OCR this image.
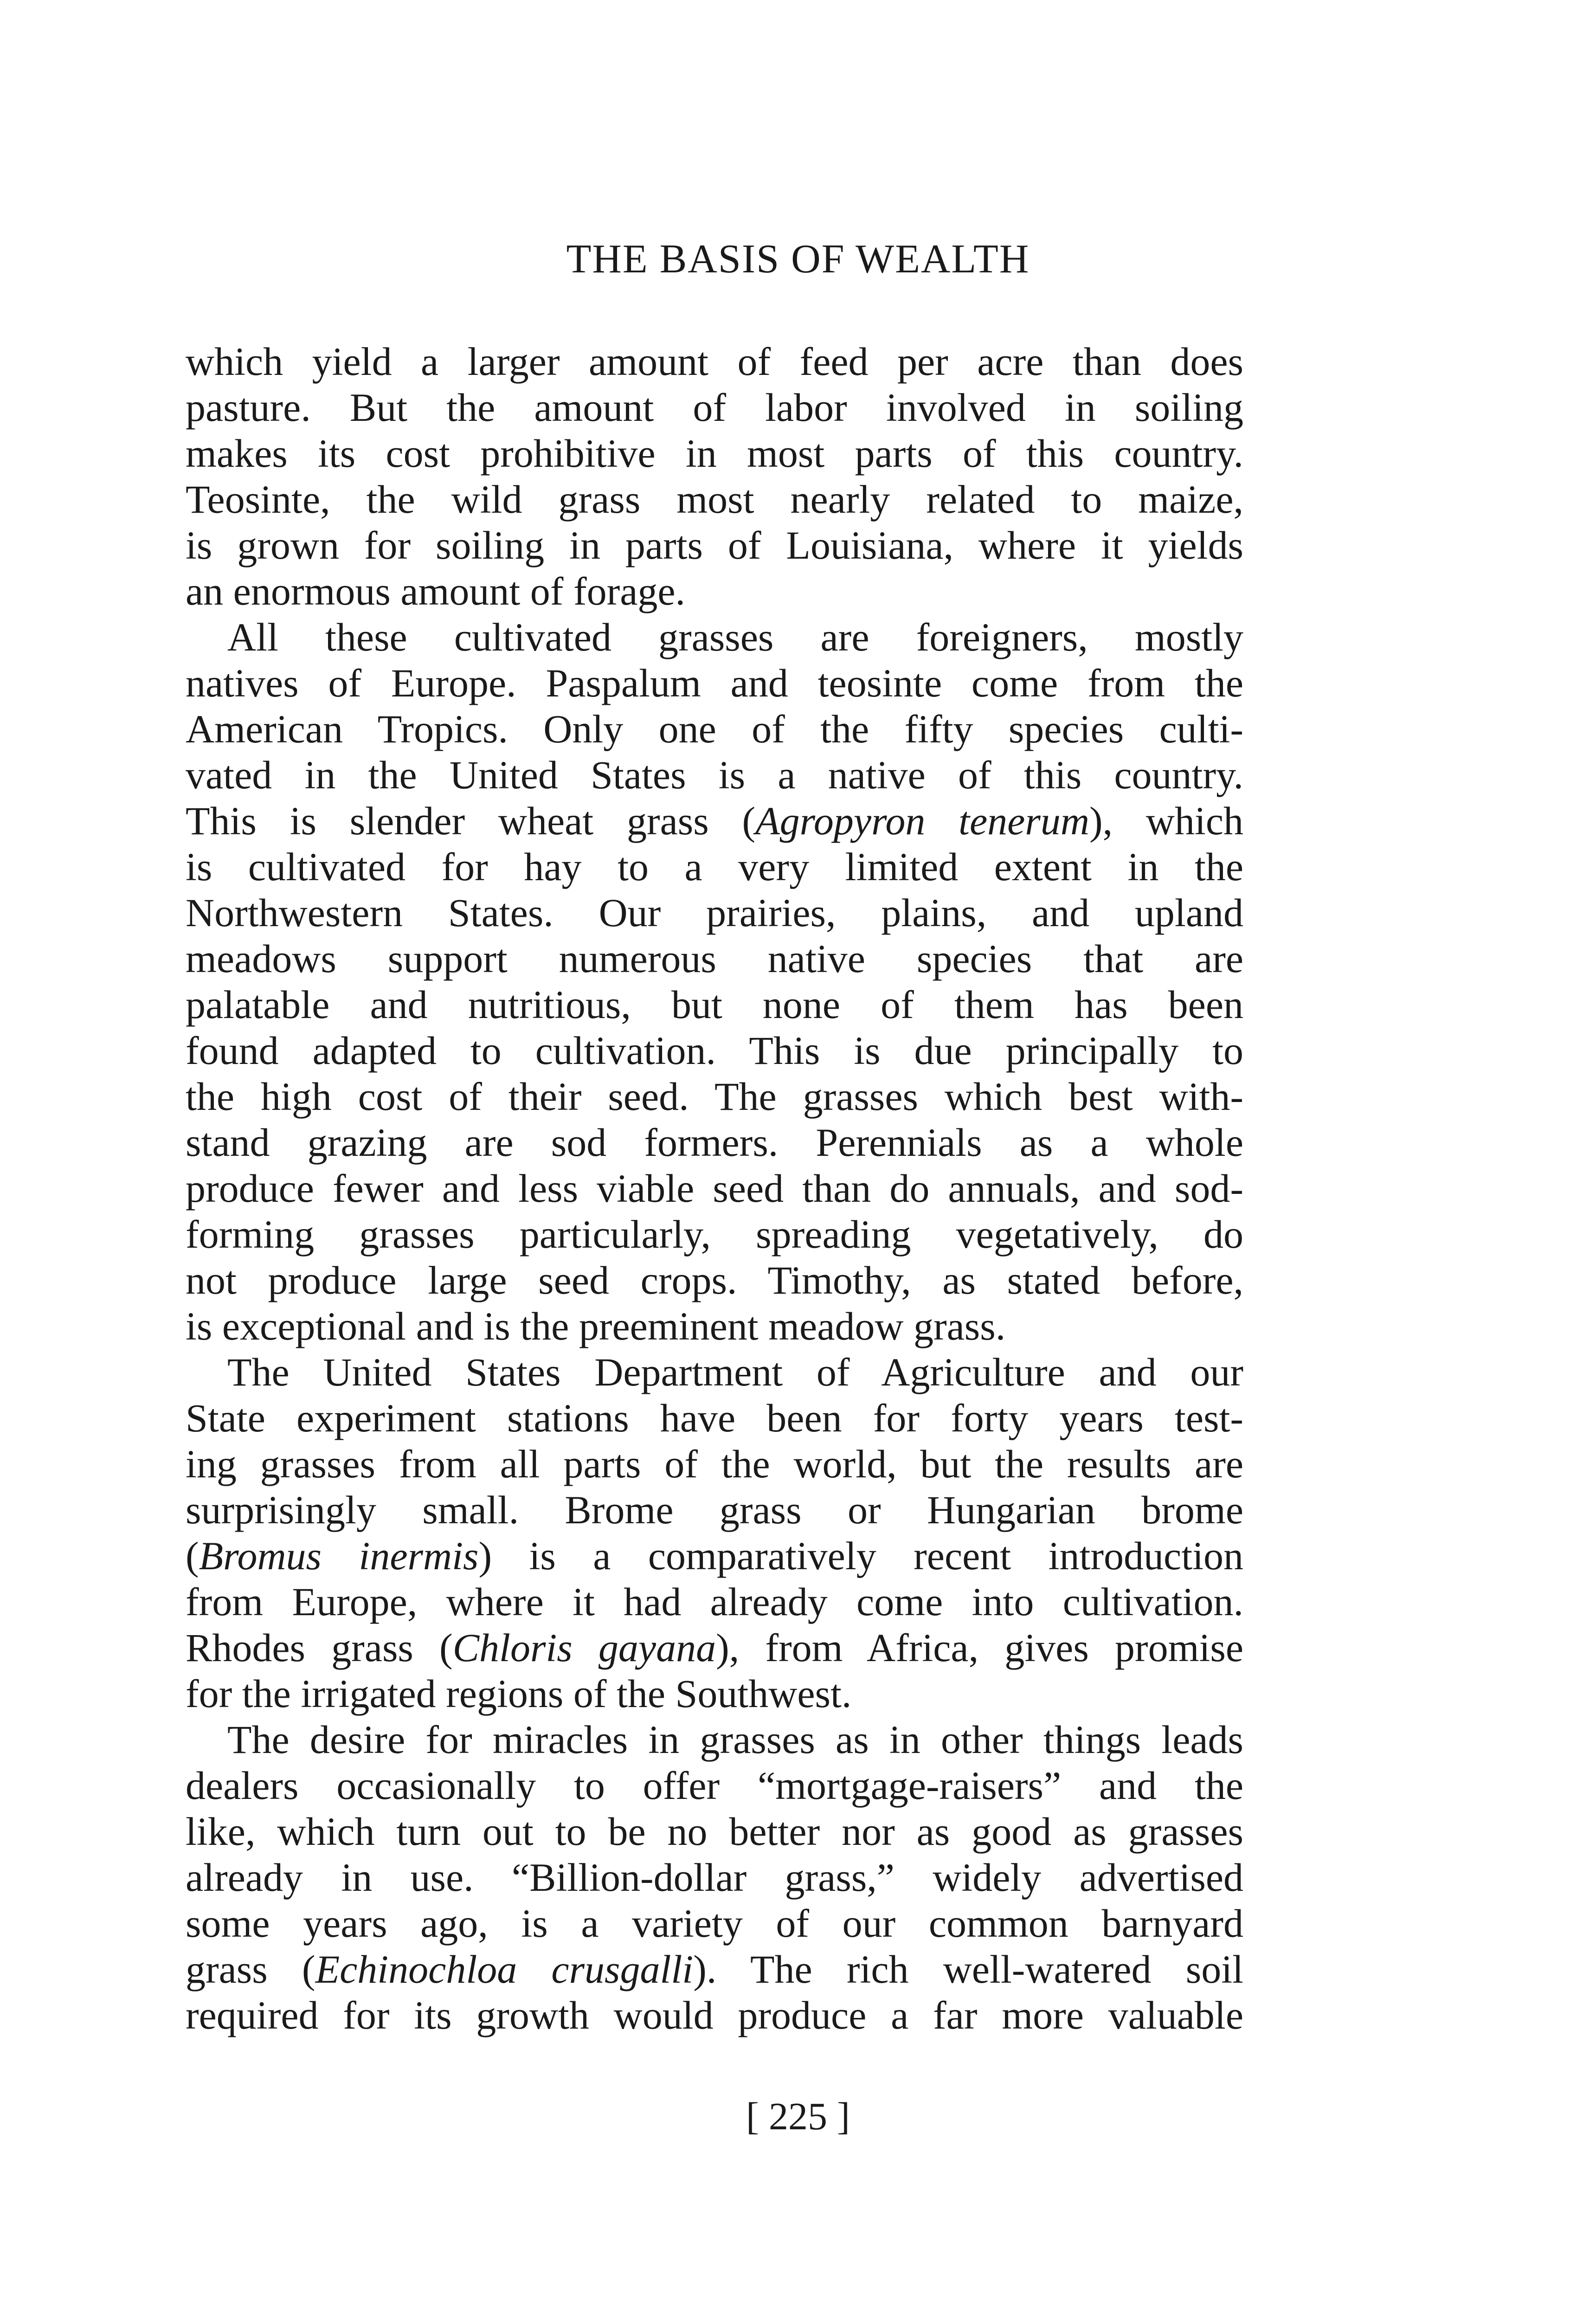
THE BASIS OF WEALTH
which yield a larger amount of feed per acre than does
pasture. But the amount of labor involved in soiling
makes its cost prohibitive in most parts of this country.
Teosinte, the wild grass most nearly related to maize,
is grown for soiling in parts of Louisiana, where it yields
an enormous amount of forage.
All these cultivated grasses are foreigners, mostly
natives of Europe. Paspalum and teosinte come from the
American Tropics. Only one of the fifty species culti-
vated in the United States is a native of this country.
This is slender wheat grass (Agropyron tenerum), which
is cultivated for hay to a very limited extent in the
Northwestern States. Our prairies, plains, and upland
meadows support numerous native species that are
palatable and nutritious, but none of them has been
found adapted to cultivation. This is due principally to
the high cost of their seed. The grasses which best with-
stand grazing are sod formers. Perennials as a whole
produce fewer and less viable seed than do annuals, and sod-
forming grasses particularly, spreading vegetatively, do
not produce large seed crops. Timothy, as stated before,
is exceptional and is the preeminent meadow grass.
The United States Department of Agriculture and our
State experiment stations have been for forty years test-
ing grasses from all parts of the world, but the results are
surprisingly small. Brome grass or Hungarian brome
(Bromus inermis) is a comparatively recent introduction
from Europe, where it had already come into cultivation.
Rhodes grass (Chloris gayana), from Africa, gives promise
for the irrigated regions of the Southwest.
The desire for miracles in grasses as in other things leads
dealers occasionally to offer “mortgage-raisers” and the
like, which turn out to be no better nor as good as grasses
already in use. “Billion-dollar grass,” widely advertised
some years ago, is a variety of our common barnyard
grass (Echinochloa crusgalli). The rich well-watered soil
required for its growth would produce a far more valuable
[ 225 ]
